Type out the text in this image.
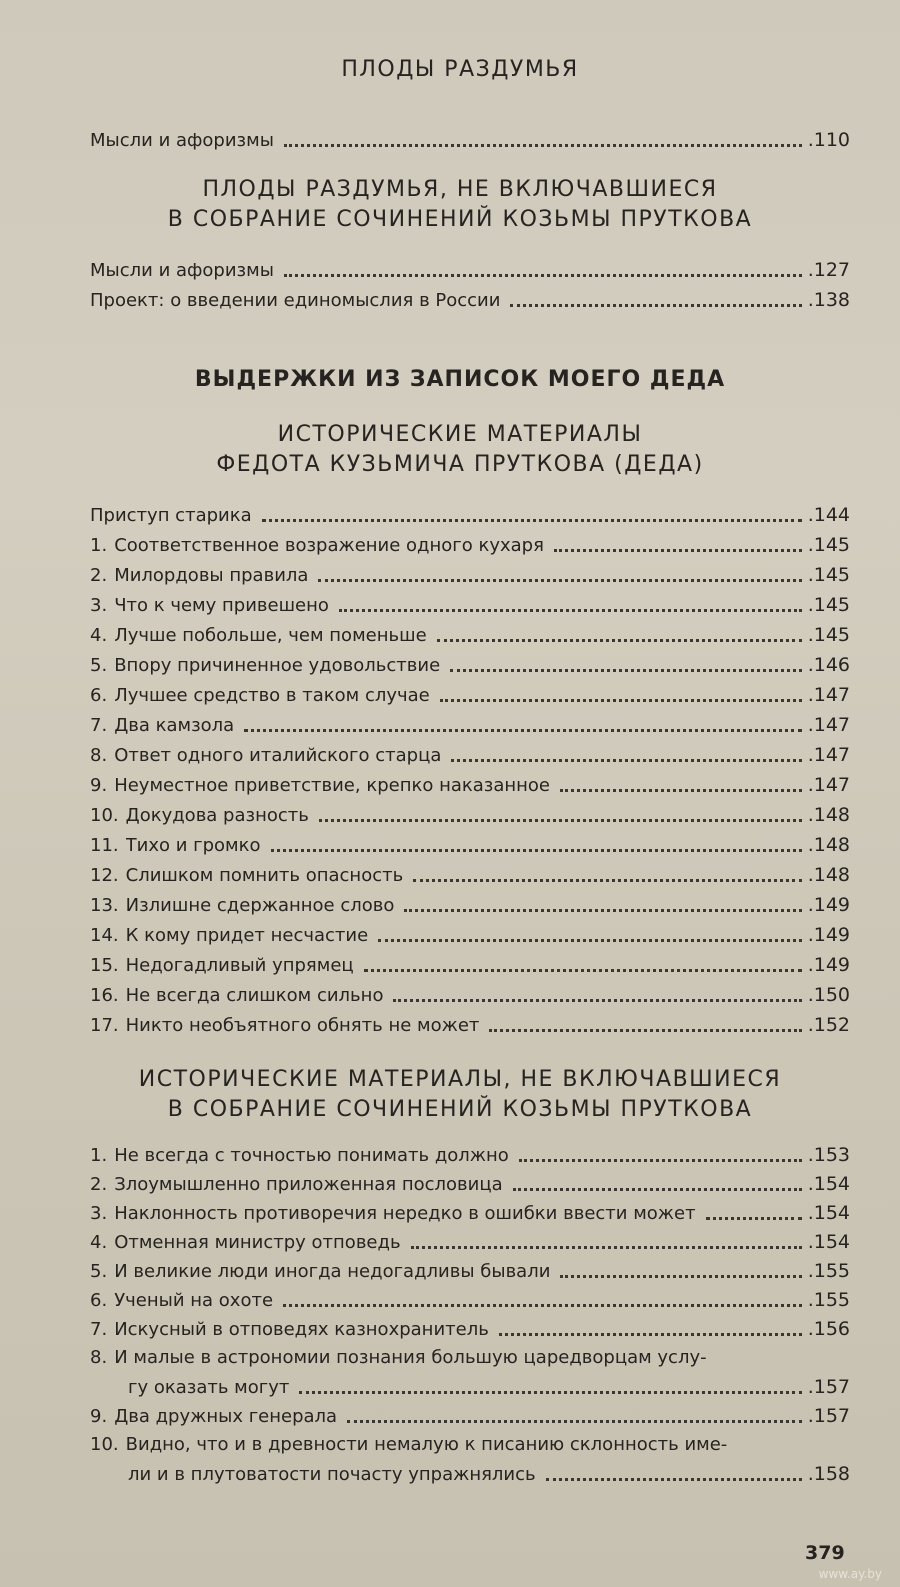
ПЛОДЫ РАЗДУМЬЯ
Мысли и афоризмы	.110
ПЛОДЫ РАЗДУМЬЯ, НЕ ВКЛЮЧАВШИЕСЯ
В СОБРАНИЕ СОЧИНЕНИЙ КОЗЬМЫ ПРУТКОВА
Мысли и афоризмы	.127
Проект: о введении единомыслия в России	.138
ВЫДЕРЖКИ ИЗ ЗАПИСОК МОЕГО ДЕДА
ИСТОРИЧЕСКИЕ МАТЕРИАЛЫ
ФЕДОТА КУЗЬМИЧА ПРУТКОВА (ДЕДА)
Приступ старика	.144
1. Соответственное возражение одного кухаря	.145
2. Милордовы правила	.145
3. Что к чему привешено	.145
4. Лучше побольше, чем поменьше	.145
5. Впору причиненное удовольствие	.146
6. Лучшее средство в таком случае	.147
7. Два камзола	.147
8. Ответ одного италийского старца	.147
9. Неуместное приветствие, крепко наказанное	.147
10. Докудова разность	.148
11. Тихо и громко	.148
12. Слишком помнить опасность	.148
13. Излишне сдержанное слово	.149
14. К кому придет несчастие	.149
15. Недогадливый упрямец	.149
16. Не всегда слишком сильно	.150
17. Никто необъятного обнять не может	.152
ИСТОРИЧЕСКИЕ МАТЕРИАЛЫ, НЕ ВКЛЮЧАВШИЕСЯ
В СОБРАНИЕ СОЧИНЕНИЙ КОЗЬМЫ ПРУТКОВА
1. Не всегда с точностью понимать должно	.153
2. Злоумышленно приложенная пословица	.154
3. Наклонность противоречия нередко в ошибки ввести может	.154
4. Отменная министру отповедь	.154
5. И великие люди иногда недогадливы бывали	.155
6. Ученый на охоте	.155
7. Искусный в отповедях казнохранитель	.156
8. И малые в астрономии познания большую царедворцам услу-
гу оказать могут	.157
9. Два дружных генерала	.157
10. Видно, что и в древности немалую к писанию склонность име-
ли и в плутоватости почасту упражнялись	.158
379
www.ay.by
